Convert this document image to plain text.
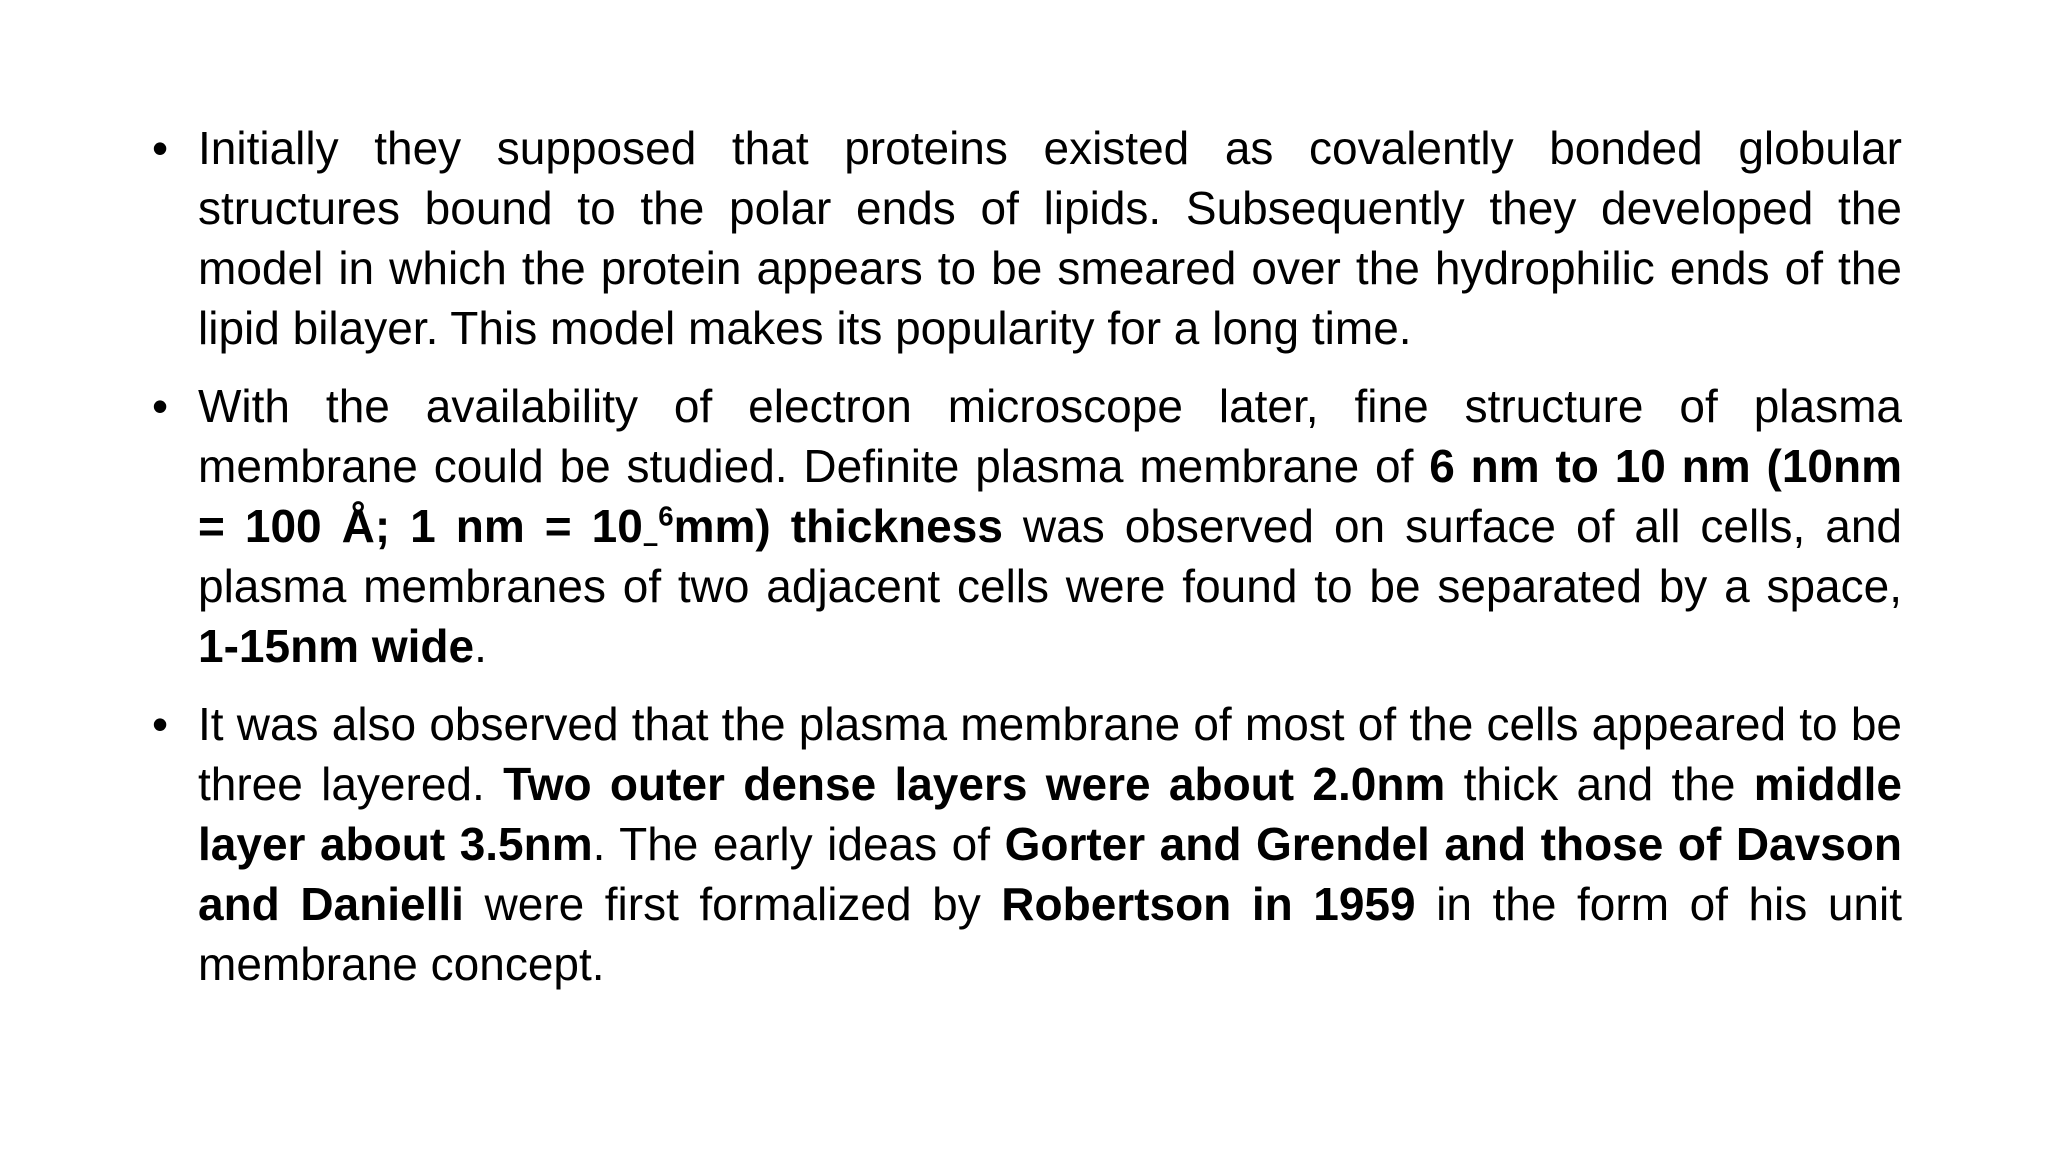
• Initially they supposed that proteins existed as covalently bonded globular structures bound to the polar ends of lipids. Subsequently they developed the model in which the protein appears to be smeared over the hydrophilic ends of the lipid bilayer. This model makes its popularity for a long time.
• With the availability of electron microscope later, fine structure of plasma membrane could be studied. Definite plasma membrane of 6 nm to 10 nm (10nm = 100 Å; 1 nm = $10_-^6mm$) thickness was observed on surface of all cells, and plasma membranes of two adjacent cells were found to be separated by a space, 1-15nm wide.
• It was also observed that the plasma membrane of most of the cells appeared to be three layered. Two outer dense layers were about 2.0nm thick and the middle layer about 3.5nm. The early ideas of Gorter and Grendel and those of Davson and Danielli were first formalized by Robertson in 1959 in the form of his unit membrane concept.
